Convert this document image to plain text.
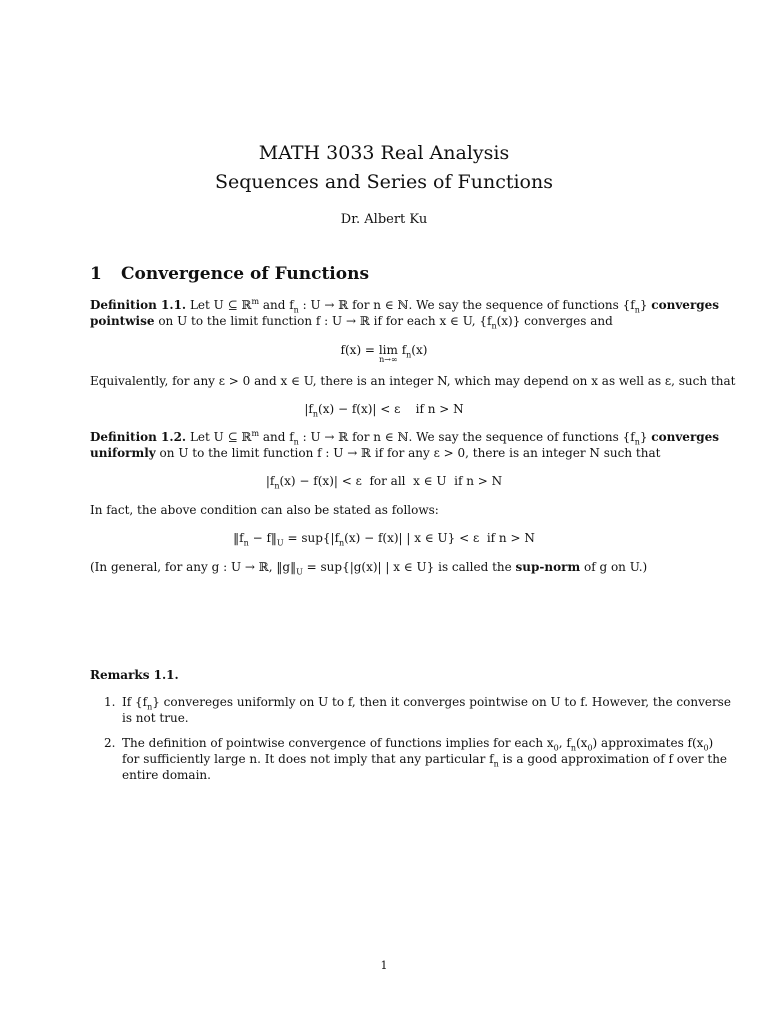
MATH 3033 Real Analysis
Sequences and Series of Functions
Dr. Albert Ku
1 Convergence of Functions
Definition 1.1. Let U ⊆ ℝ$^m$ and $f_n$ : U → ℝ for n ∈ ℕ. We say the sequence of functions $\{f_n\}$ converges
pointwise on U to the limit function f : U → ℝ if for each x ∈ U, $\{f_n(x)\}$ converges and
f(x) = lim
n→∞
$f_n(x)$
Equivalently, for any ε > 0 and x ∈ U, there is an integer N, which may depend on x as well as ε, such that
$|f_n(x) - f(x)| < \varepsilon$    if n > N
Definition 1.2. Let U ⊆ ℝ$^m$ and $f_n$ : U → ℝ for n ∈ ℕ. We say the sequence of functions $\{f_n\}$ converges
uniformly on U to the limit function f : U → ℝ if for any ε > 0, there is an integer N such that
$|f_n(x) - f(x)| < \varepsilon$  for all  x ∈ U  if n > N
In fact, the above condition can also be stated as follows:
$‖f_n$ − $f‖_U = sup\{|f_n(x) - f(x)|$ | x ∈ U} < ε  if n > N
(In general, for any g : U → ℝ, $‖g‖_U = sup\{|g(x)|$ | x ∈ U} is called the sup-norm of g on U.)
Remarks 1.1.
1. If $\{f_n\}$ convereges uniformly on U to f, then it converges pointwise on U to f. However, the converse
is not true.
2. The definition of pointwise convergence of functions implies for each $x_0$, $f_n(x_0)$ approximates $f(x_0)$
for sufficiently large n. It does not imply that any particular $f_n$ is a good approximation of f over the
entire domain.
1
